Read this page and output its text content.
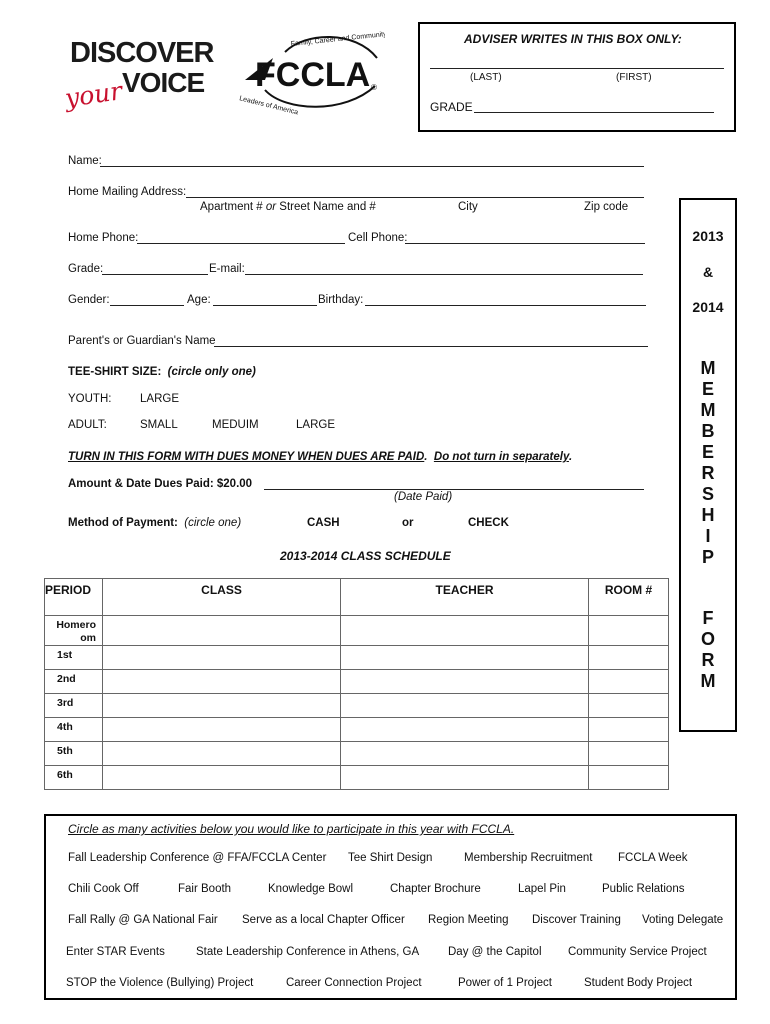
DISCOVER
your
VOICE FCCLA ®
Family, Career and Community
Leaders of America
ADVISER WRITES IN THIS BOX ONLY:
(LAST)	(FIRST)
GRADE
Name:
Home Mailing Address:
Apartment # or Street Name and #	City	Zip code
Home Phone:	Cell Phone:
Grade:	E-mail:
Gender:	Age:	Birthday:
Parent's or Guardian's Name
TEE-SHIRT SIZE: (circle only one)
YOUTH: LARGE
ADULT:	SMALL	MEDUIM	LARGE
TURN IN THIS FORM WITH DUES MONEY WHEN DUES ARE PAID.  Do not turn in separately.
Amount & Date Dues Paid: $20.00
(Date Paid)
Method of Payment: (circle one)	CASH	or	CHECK
2013-2014 CLASS SCHEDULE
PERIOD	CLASS	TEACHER	ROOM #
Homero om			
1st			
2nd			
3rd			
4th			
5th			
6th			
2013
&
2014
M
E
M
B
E
R
S
H
I
P
F
O
R
M
Circle as many activities below you would like to participate in this year with FCCLA.
Fall Leadership Conference @ FFA/FCCLA Center Tee Shirt Design	Membership Recruitment FCCLA Week
Chili Cook Off	Fair Booth	Knowledge Bowl	Chapter Brochure	Lapel Pin	Public Relations
Fall Rally @ GA National Fair Serve as a local Chapter Officer Region Meeting Discover Training Voting Delegate
Enter STAR Events	State Leadership Conference in Athens, GA	Day @ the Capitol Community Service Project
STOP the Violence (Bullying) Project	Career Connection Project	Power of 1 Project	Student Body Project
